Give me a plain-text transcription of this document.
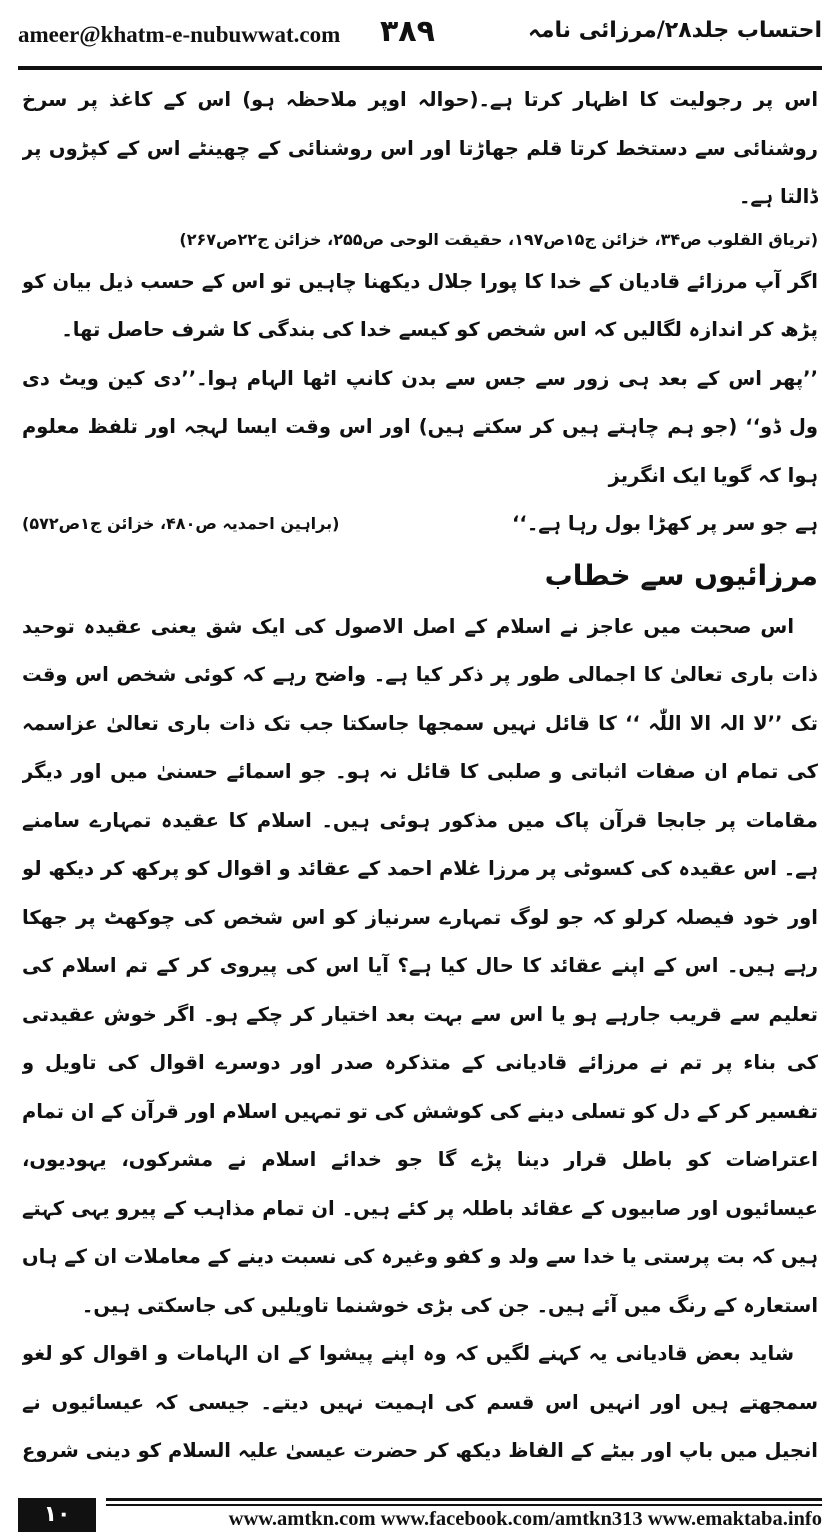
ameer@khatm-e-nubuwwat.com ۳۸۹	احتساب جلد۲۸/مرزائی نامہ

اس پر رجولیت کا اظہار کرتا ہے۔(حوالہ اوپر ملاحظہ ہو) اس کے کاغذ پر سرخ روشنائی سے دستخط کرتا قلم جھاڑتا اور اس روشنائی کے چھینٹے اس کے کپڑوں پر ڈالتا ہے۔

(تریاق القلوب ص۳۴، خزائن ج۱۵ص۱۹۷، حقیقت الوحی ص۲۵۵، خزائن ج۲۲ص۲۶۷)

اگر آپ مرزائے قادیان کے خدا کا پورا جلال دیکھنا چاہیں تو اس کے حسب ذیل بیان کو پڑھ کر اندازہ لگالیں کہ اس شخص کو کیسے خدا کی بندگی کا شرف حاصل تھا۔

’’پھر اس کے بعد ہی زور سے جس سے بدن کانپ اٹھا الہام ہوا۔’’دی کین ویٹ دی ول ڈو‘‘ (جو ہم چاہتے ہیں کر سکتے ہیں) اور اس وقت ایسا لہجہ اور تلفظ معلوم ہوا کہ گویا ایک انگریز

ہے جو سر پر کھڑا بول رہا ہے۔‘‘
(براہین احمدیہ ص۴۸۰، خزائن ج۱ص۵۷۲)

مرزائیوں سے خطاب

اس صحبت میں عاجز نے اسلام کے اصل الاصول کی ایک شق یعنی عقیدہ توحید ذات باری تعالیٰ کا اجمالی طور پر ذکر کیا ہے۔ واضح رہے کہ کوئی شخص اس وقت تک ’’لا الہ الا اللّٰہ ‘‘ کا قائل نہیں سمجھا جاسکتا جب تک ذات باری تعالیٰ عزاسمہ کی تمام ان صفات اثباتی و صلبی کا قائل نہ ہو۔ جو اسمائے حسنیٰ میں اور دیگر مقامات پر جابجا قرآن پاک میں مذکور ہوئی ہیں۔ اسلام کا عقیدہ تمہارے سامنے ہے۔ اس عقیدہ کی کسوٹی پر مرزا غلام احمد کے عقائد و اقوال کو پرکھ کر دیکھ لو اور خود فیصلہ کرلو کہ جو لوگ تمہارے سرنیاز کو اس شخص کی چوکھٹ پر جھکا رہے ہیں۔ اس کے اپنے عقائد کا حال کیا ہے؟ آیا اس کی پیروی کر کے تم اسلام کی تعلیم سے قریب جارہے ہو یا اس سے بہت بعد اختیار کر چکے ہو۔ اگر خوش عقیدتی کی بناء پر تم نے مرزائے قادیانی کے متذکرہ صدر اور دوسرے اقوال کی تاویل و تفسیر کر کے دل کو تسلی دینے کی کوشش کی تو تمہیں اسلام اور قرآن کے ان تمام اعتراضات کو باطل قرار دینا پڑے گا جو خدائے اسلام نے مشرکوں، یہودیوں، عیسائیوں اور صابیوں کے عقائد باطلہ پر کئے ہیں۔ ان تمام مذاہب کے پیرو یہی کہتے ہیں کہ بت پرستی یا خدا سے ولد و کفو وغیرہ کی نسبت دینے کے معاملات ان کے ہاں استعارہ کے رنگ میں آئے ہیں۔ جن کی بڑی خوشنما تاویلیں کی جاسکتی ہیں۔

شاید بعض قادیانی یہ کہنے لگیں کہ وہ اپنے پیشوا کے ان الہامات و اقوال کو لغو سمجھتے ہیں اور انہیں اس قسم کی اہمیت نہیں دیتے۔ جیسی کہ عیسائیوں نے انجیل میں باپ اور بیٹے کے الفاظ دیکھ کر حضرت عیسیٰ علیہ السلام کو دینی شروع

۱۰	www.amtkn.com www.facebook.com/amtkn313 www.emaktaba.info
